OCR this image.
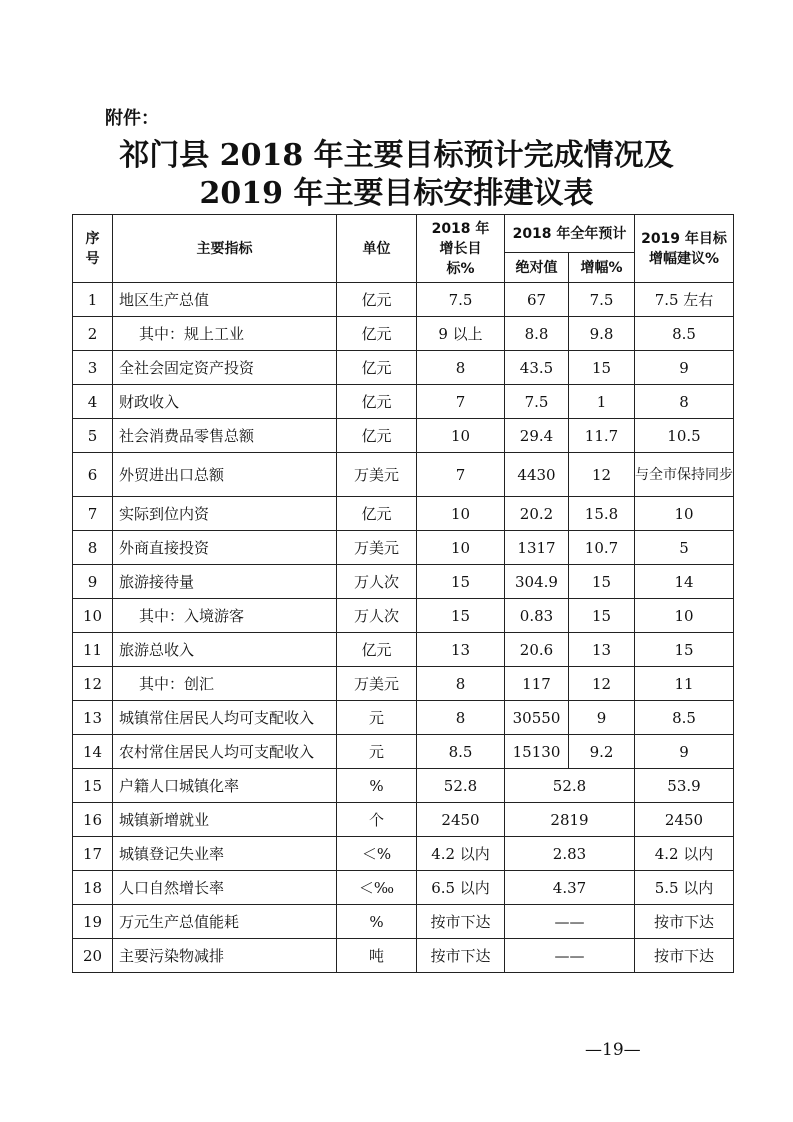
附件：
祁门县 2018 年主要目标预计完成情况及
2019 年主要目标安排建议表
序号	主要指标	单位	2018 年增长目标%	2018 年全年预计		2019 年目标增幅建议%
				绝对值	增幅%	
1	地区生产总值	亿元	7.5	67	7.5	7.5 左右
2	其中：规上工业	亿元	9 以上	8.8	9.8	8.5
3	全社会固定资产投资	亿元	8	43.5	15	9
4	财政收入	亿元	7	7.5	1	8
5	社会消费品零售总额	亿元	10	29.4	11.7	10.5
6	外贸进出口总额	万美元	7	4430	12	与全市保持同步
7	实际到位内资	亿元	10	20.2	15.8	10
8	外商直接投资	万美元	10	1317	10.7	5
9	旅游接待量	万人次	15	304.9	15	14
10	其中：入境游客	万人次	15	0.83	15	10
11	旅游总收入	亿元	13	20.6	13	15
12	其中：创汇	万美元	8	117	12	11
13	城镇常住居民人均可支配收入	元	8	30550	9	8.5
14	农村常住居民人均可支配收入	元	8.5	15130	9.2	9
15	户籍人口城镇化率	%	52.8	52.8		53.9
16	城镇新增就业	个	2450	2819		2450
17	城镇登记失业率	＜%	4.2 以内	2.83		4.2 以内
18	人口自然增长率	＜‰	6.5 以内	4.37		5.5 以内
19	万元生产总值能耗	%	按市下达	——		按市下达
20	主要污染物减排	吨	按市下达	——		按市下达
—19—
